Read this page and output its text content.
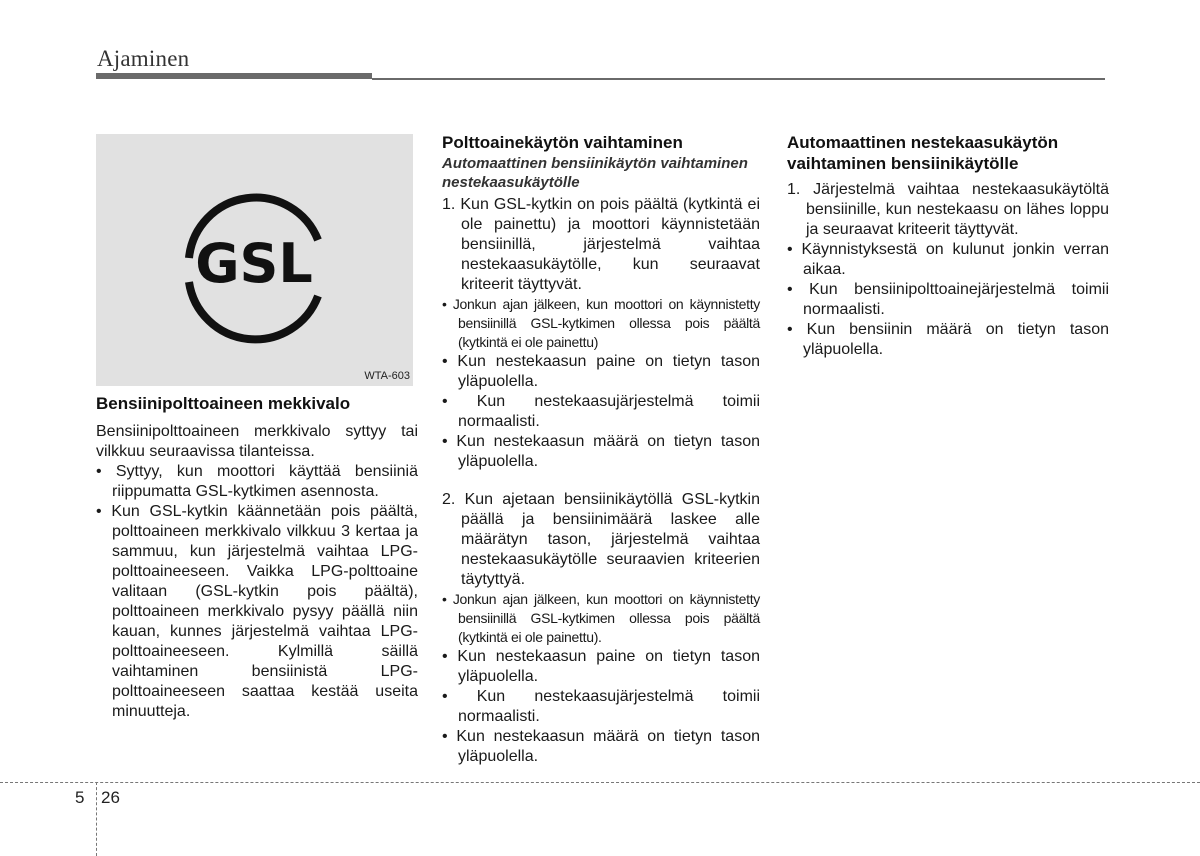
Ajaminen
GSL
WTA-603
Bensiinipolttoaineen mekkivalo

Bensiinipolttoaineen merkkivalo syttyy tai vilkkuu seuraavissa tilanteissa.

• Syttyy, kun moottori käyttää bensiiniä riippumatta GSL-kytkimen asennosta.

• Kun GSL-kytkin käännetään pois päältä, polttoaineen merkkivalo vilkkuu 3 kertaa ja sammuu, kun järjestelmä vaihtaa LPG-polttoaineeseen. Vaikka LPG-polttoaine valitaan (GSL-kytkin pois päältä), polttoaineen merkkivalo pysyy päällä niin kauan, kunnes järjestelmä vaihtaa LPG-polttoaineeseen. Kylmillä säillä vaihtaminen bensiinistä LPG-polttoaineeseen saattaa kestää useita minuutteja.

Polttoainekäytön vaihtaminen
Automaattinen bensiinikäytön vaihtaminen nestekaasukäytölle

1. Kun GSL-kytkin on pois päältä (kytkintä ei ole painettu) ja moottori käynnistetään bensiinillä, järjestelmä vaihtaa nestekaasukäytölle, kun seuraavat kriteerit täyttyvät.

• Jonkun ajan jälkeen, kun moottori on käynnistetty bensiinillä GSL-kytkimen ollessa pois päältä (kytkintä ei ole painettu)

• Kun nestekaasun paine on tietyn tason yläpuolella.

• Kun nestekaasujärjestelmä toimii normaalisti.

• Kun nestekaasun määrä on tietyn tason yläpuolella.

2. Kun ajetaan bensiinikäytöllä GSL-kytkin päällä ja bensiinimäärä laskee alle määrätyn tason, järjestelmä vaihtaa nestekaasukäytölle seuraavien kriteerien täytyttyä.

• Jonkun ajan jälkeen, kun moottori on käynnistetty bensiinillä GSL-kytkimen ollessa pois päältä (kytkintä ei ole painettu).

• Kun nestekaasun paine on tietyn tason yläpuolella.

• Kun nestekaasujärjestelmä toimii normaalisti.

• Kun nestekaasun määrä on tietyn tason yläpuolella.

Automaattinen nestekaasukäytön vaihtaminen bensiinikäytölle

1. Järjestelmä vaihtaa nestekaasukäytöltä bensiinille, kun nestekaasu on lähes loppu ja seuraavat kriteerit täyttyvät.

• Käynnistyksestä on kulunut jonkin verran aikaa.

• Kun bensiinipolttoainejärjestelmä toimii normaalisti.

• Kun bensiinin määrä on tietyn tason yläpuolella.

5 26
